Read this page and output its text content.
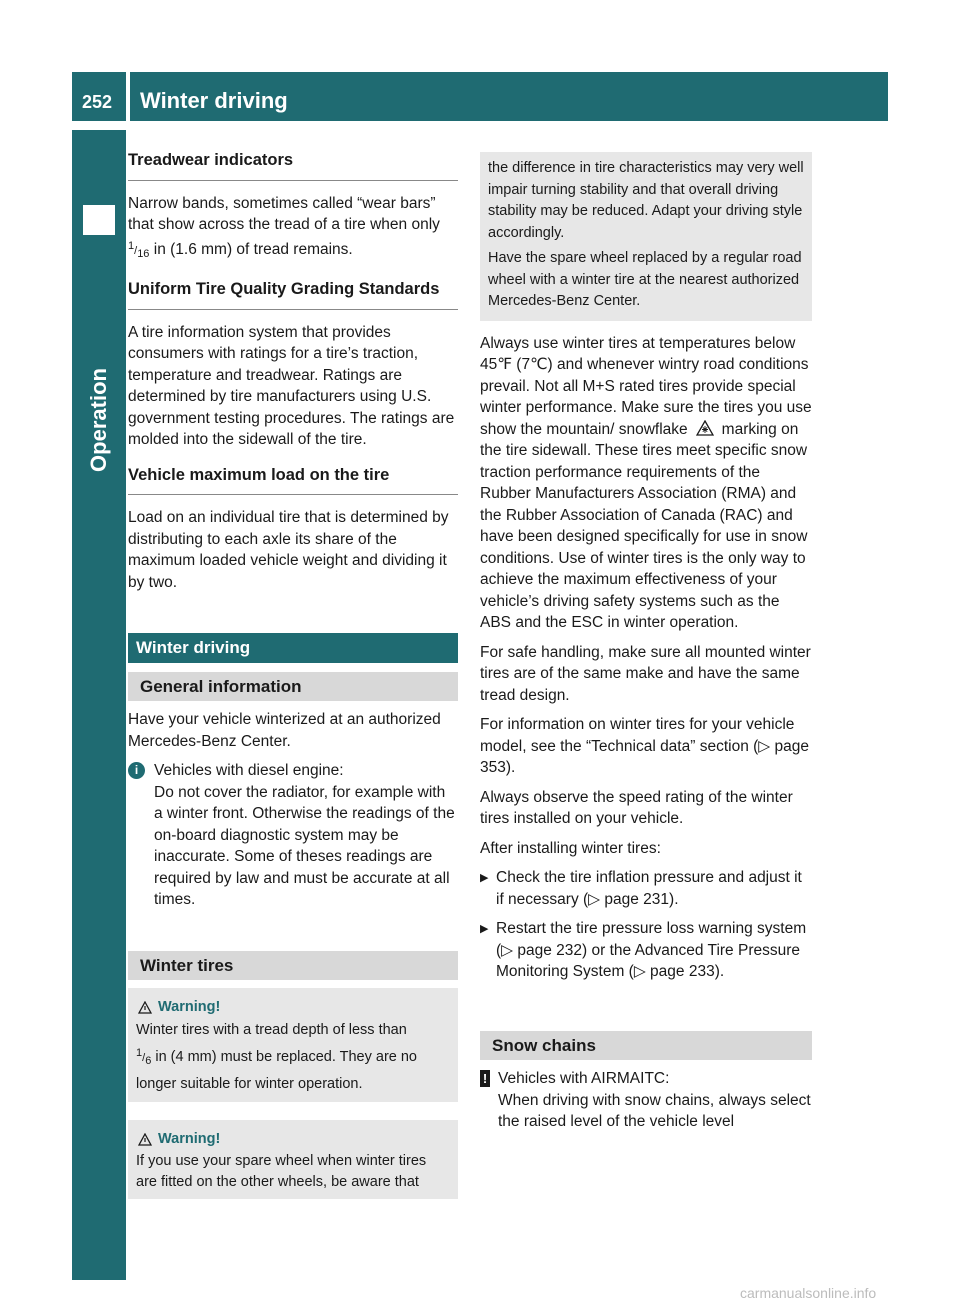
252 Winter driving
Operation
Treadwear indicators

Narrow bands, sometimes called “wear bars” that show across the tread of a tire when only 1/16 in (1.6 mm) of tread remains.

Uniform Tire Quality Grading Standards

A tire information system that provides consumers with ratings for a tire’s traction, temperature and treadwear. Ratings are determined by tire manufacturers using U.S. government testing procedures. The ratings are molded into the sidewall of the tire.

Vehicle maximum load on the tire

Load on an individual tire that is determined by distributing to each axle its share of the maximum loaded vehicle weight and dividing it by two.

Winter driving
General information

Have your vehicle winterized at an authorized Mercedes-Benz Center.

i	Vehicles with diesel engine:

Do not cover the radiator, for example with a winter front. Otherwise the readings of the on-board diagnostic system may be inaccurate. Some of theses readings are required by law and must be accurate at all times.

Winter tires
Warning!
Winter tires with a tread depth of less than
1/6 in (4 mm) must be replaced. They are no longer suitable for winter operation.
Warning!
If you use your spare wheel when winter tires are fitted on the other wheels, be aware that

the difference in tire characteristics may very well impair turning stability and that overall driving stability may be reduced. Adapt your driving style accordingly.

Have the spare wheel replaced by a regular road wheel with a winter tire at the nearest authorized Mercedes-Benz Center.

Always use winter tires at temperatures below 45℉ (7℃) and whenever wintry road conditions prevail. Not all M+S rated tires provide special winter performance. Make sure the tires you use show the mountain/ snowflake marking on the tire sidewall. These tires meet specific snow traction performance requirements of the Rubber Manufacturers Association (RMA) and the Rubber Association of Canada (RAC) and have been designed specifically for use in snow conditions. Use of winter tires is the only way to achieve the maximum effectiveness of your vehicle’s driving safety systems such as the ABS and the ESC in winter operation.

For safe handling, make sure all mounted winter tires are of the same make and have the same tread design.

For information on winter tires for your vehicle model, see the “Technical data” section (▷ page 353).

Always observe the speed rating of the winter tires installed on your vehicle.

After installing winter tires:

▶ Check the tire inflation pressure and adjust it if necessary (▷ page 231).

▶ Restart the tire pressure loss warning system (▷ page 232) or the Advanced Tire Pressure Monitoring System (▷ page 233).

Snow chains
! Vehicles with AIRMAITC:
When driving with snow chains, always select the raised level of the vehicle level
carmanualsonline.info
